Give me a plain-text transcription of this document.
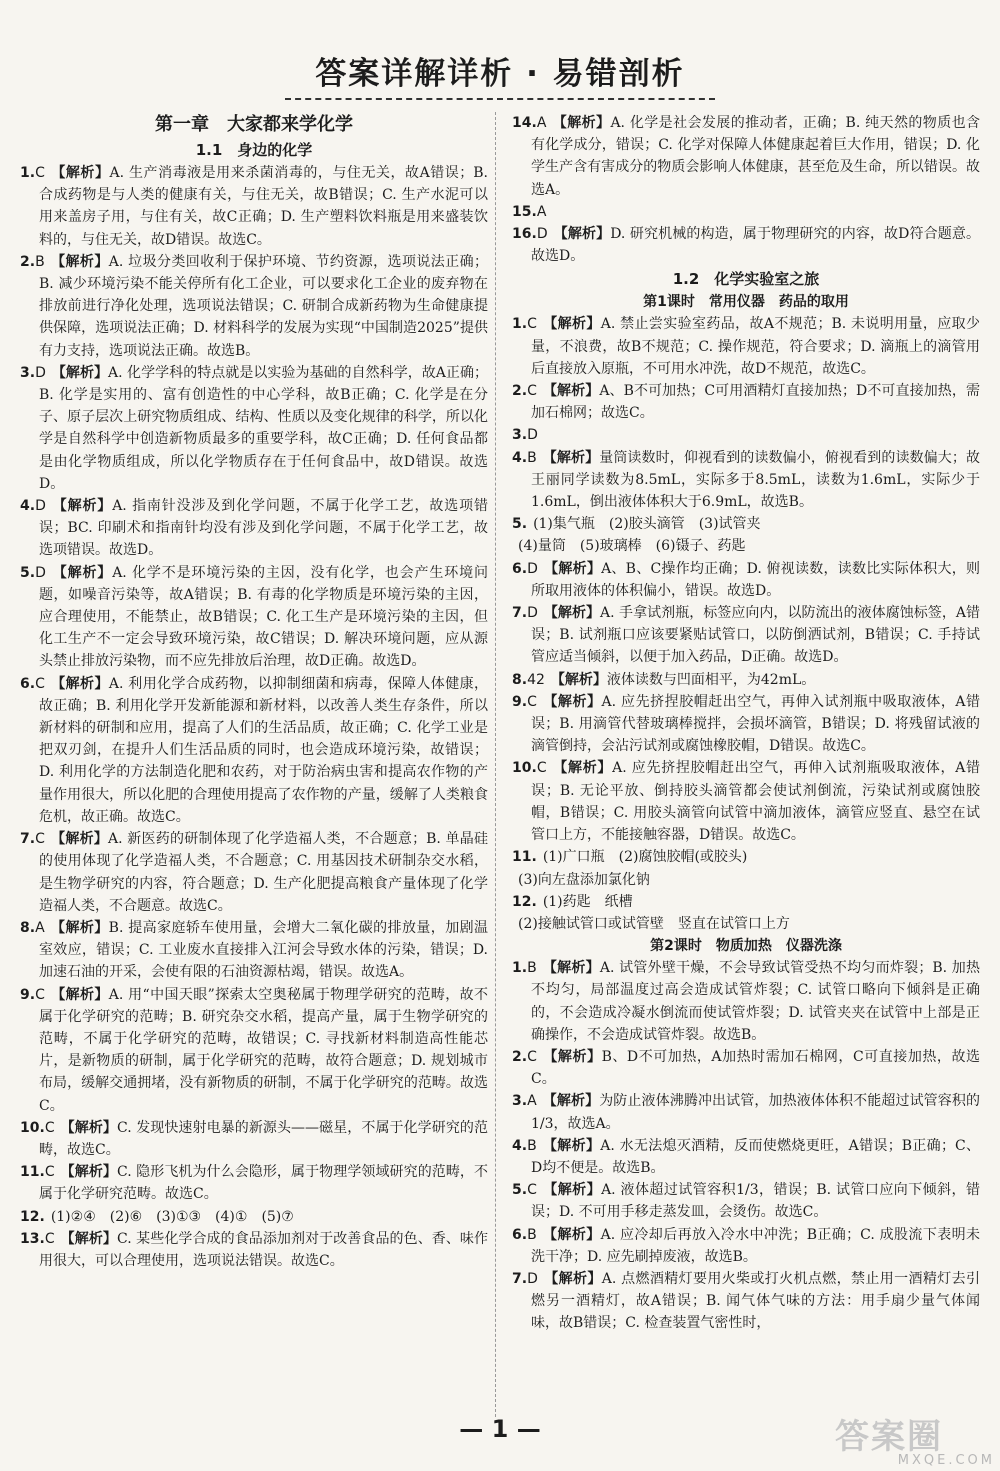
答案详解详析 · 易错剖析
第一章　大家都来学化学
1.1　身边的化学

1.C 【解析】A. 生产消毒液是用来杀菌消毒的，与住无关，故A错误；B. 合成药物是与人类的健康有关，与住无关，故B错误；C. 生产水泥可以用来盖房子用，与住有关，故C正确；D. 生产塑料饮料瓶是用来盛装饮料的，与住无关，故D错误。故选C。

2.B 【解析】A. 垃圾分类回收利于保护环境、节约资源，选项说法正确；B. 减少环境污染不能关停所有化工企业，可以要求化工企业的废弃物在排放前进行净化处理，选项说法错误；C. 研制合成新药物为生命健康提供保障，选项说法正确；D. 材料科学的发展为实现“中国制造2025”提供有力支持，选项说法正确。故选B。

3.D 【解析】A. 化学学科的特点就是以实验为基础的自然科学，故A正确；B. 化学是实用的、富有创造性的中心学科，故B正确；C. 化学是在分子、原子层次上研究物质组成、结构、性质以及变化规律的科学，所以化学是自然科学中创造新物质最多的重要学科，故C正确；D. 任何食品都是由化学物质组成，所以化学物质存在于任何食品中，故D错误。故选D。

4.D 【解析】A. 指南针没涉及到化学问题，不属于化学工艺，故选项错误；BC. 印刷术和指南针均没有涉及到化学问题，不属于化学工艺，故选项错误。故选D。

5.D 【解析】A. 化学不是环境污染的主因，没有化学，也会产生环境问题，如噪音污染等，故A错误；B. 有毒的化学物质是环境污染的主因，应合理使用，不能禁止，故B错误；C. 化工生产是环境污染的主因，但化工生产不一定会导致环境污染，故C错误；D. 解决环境问题，应从源头禁止排放污染物，而不应先排放后治理，故D正确。故选D。

6.C 【解析】A. 利用化学合成药物，以抑制细菌和病毒，保障人体健康，故正确；B. 利用化学开发新能源和新材料，以改善人类生存条件，所以新材料的研制和应用，提高了人们的生活品质，故正确；C. 化学工业是把双刃剑，在提升人们生活品质的同时，也会造成环境污染，故错误；D. 利用化学的方法制造化肥和农药，对于防治病虫害和提高农作物的产量作用很大，所以化肥的合理使用提高了农作物的产量，缓解了人类粮食危机，故正确。故选C。

7.C 【解析】A. 新医药的研制体现了化学造福人类，不合题意；B. 单晶硅的使用体现了化学造福人类，不合题意；C. 用基因技术研制杂交水稻，是生物学研究的内容，符合题意；D. 生产化肥提高粮食产量体现了化学造福人类，不合题意。故选C。

8.A 【解析】B. 提高家庭轿车使用量，会增大二氧化碳的排放量，加剧温室效应，错误；C. 工业废水直接排入江河会导致水体的污染，错误；D. 加速石油的开采，会使有限的石油资源枯竭，错误。故选A。

9.C 【解析】A. 用“中国天眼”探索太空奥秘属于物理学研究的范畴，故不属于化学研究的范畴；B. 研究杂交水稻，提高产量，属于生物学研究的范畴，不属于化学研究的范畴，故错误；C. 寻找新材料制造高性能芯片，是新物质的研制，属于化学研究的范畴，故符合题意；D. 规划城市布局，缓解交通拥堵，没有新物质的研制，不属于化学研究的范畴。故选C。

10.C 【解析】C. 发现快速射电暴的新源头——磁星，不属于化学研究的范畴，故选C。

11.C 【解析】C. 隐形飞机为什么会隐形，属于物理学领域研究的范畴，不属于化学研究范畴。故选C。

12. (1)②④　(2)⑥　(3)①③　(4)①　(5)⑦

13.C 【解析】C. 某些化学合成的食品添加剂对于改善食品的色、香、味作用很大，可以合理使用，选项说法错误。故选C。

14.A 【解析】A. 化学是社会发展的推动者，正确；B. 纯天然的物质也含有化学成分，错误；C. 化学对保障人体健康起着巨大作用，错误；D. 化学生产含有害成分的物质会影响人体健康，甚至危及生命，所以错误。故选A。

15.A

16.D 【解析】D. 研究机械的构造，属于物理研究的内容，故D符合题意。故选D。

1.2　化学实验室之旅
第1课时　常用仪器　药品的取用

1.C 【解析】A. 禁止尝实验室药品，故A不规范；B. 未说明用量，应取少量，不浪费，故B不规范；C. 操作规范，符合要求；D. 滴瓶上的滴管用后直接放入原瓶，不可用水冲洗，故D不规范，故选C。

2.C 【解析】A、B不可加热；C可用酒精灯直接加热；D不可直接加热，需加石棉网；故选C。

3.D

4.B 【解析】量筒读数时，仰视看到的读数偏小，俯视看到的读数偏大；故王丽同学读数为8.5mL，实际多于8.5mL，读数为1.6mL，实际少于1.6mL，倒出液体体积大于6.9mL，故选B。

5. (1)集气瓶　(2)胶头滴管　(3)试管夹

(4)量筒　(5)玻璃棒　(6)镊子、药匙

6.D 【解析】A、B、C操作均正确；D. 俯视读数，读数比实际体积大，则所取用液体的体积偏小，错误。故选D。

7.D 【解析】A. 手拿试剂瓶，标签应向内，以防流出的液体腐蚀标签，A错误；B. 试剂瓶口应该要紧贴试管口，以防倒洒试剂，B错误；C. 手持试管应适当倾斜，以便于加入药品，D正确。故选D。

8.42 【解析】液体读数与凹面相平，为42mL。

9.C 【解析】A. 应先挤捏胶帽赶出空气，再伸入试剂瓶中吸取液体，A错误；B. 用滴管代替玻璃棒搅拌，会损坏滴管，B错误；D. 将残留试液的滴管倒持，会沾污试剂或腐蚀橡胶帽，D错误。故选C。

10.C 【解析】A. 应先挤捏胶帽赶出空气，再伸入试剂瓶吸取液体，A错误；B. 无论平放、倒持胶头滴管都会使试剂倒流，污染试剂或腐蚀胶帽，B错误；C. 用胶头滴管向试管中滴加液体，滴管应竖直、悬空在试管口上方，不能接触容器，D错误。故选C。

11. (1)广口瓶　(2)腐蚀胶帽(或胶头)

(3)向左盘添加氯化钠

12. (1)药匙　纸槽

(2)接触试管口或试管壁　竖直在试管口上方

第2课时　物质加热　仪器洗涤

1.B 【解析】A. 试管外壁干燥，不会导致试管受热不均匀而炸裂；B. 加热不均匀，局部温度过高会造成试管炸裂；C. 试管口略向下倾斜是正确的，不会造成冷凝水倒流而使试管炸裂；D. 试管夹夹在试管中上部是正确操作，不会造成试管炸裂。故选B。

2.C 【解析】B、D不可加热，A加热时需加石棉网，C可直接加热，故选C。

3.A 【解析】为防止液体沸腾冲出试管，加热液体体积不能超过试管容积的1/3，故选A。

4.B 【解析】A. 水无法熄灭酒精，反而使燃烧更旺，A错误；B正确；C、D均不便是。故选B。

5.C 【解析】A. 液体超过试管容积1/3，错误；B. 试管口应向下倾斜，错误；D. 不可用手移走蒸发皿，会烫伤。故选C。

6.B 【解析】A. 应冷却后再放入冷水中冲洗；B正确；C. 成股流下表明未洗干净；D. 应先刷掉废液，故选B。

7.D 【解析】A. 点燃酒精灯要用火柴或打火机点燃，禁止用一酒精灯去引燃另一酒精灯，故A错误；B. 闻气体气味的方法：用手扇少量气体闻味，故B错误；C. 检查装置气密性时，

— 1 —	答案圈
MXQE.COM
